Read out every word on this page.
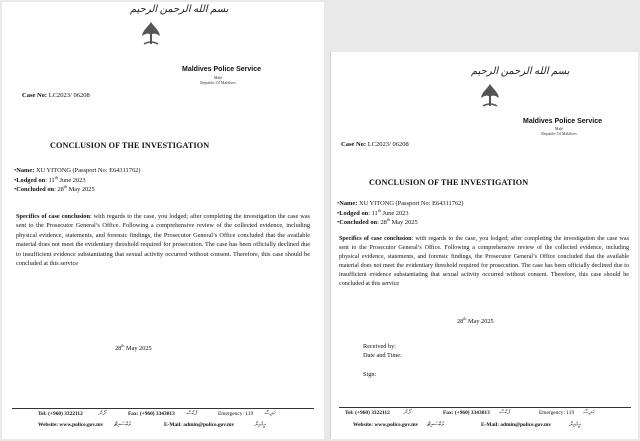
بسم الله الرحمن الرحيم
Maldives Police Service
Malé
Republic Of Maldives
Case No: LC2023/ 06208
CONCLUSION OF THE INVESTIGATION
•Name: XU YITONG (Passport No: E64311762)
•Lodged on: 11th June 2023
•Concluded on: 28th May 2025
Specifics of case conclusion: with regards to the case, you lodged; after completing the investigation the case was sent to the Prosecutor General’s Office. Following a comprehensive review of the collected evidence, including physical evidence, statements, and forensic findings, the Prosecutor General’s Office concluded that the available material does not meet the evidentiary threshold required for prosecution. The case has been officially declined due to insufficient evidence substantiating that sexual activity occurred without consent. Therefore, this case should be concluded at this service
28th May 2025
Tel: (+960) 3322112	ފޯނު	Fax: (+960) 3343013 ފެކްސް	Emergency: 119 ހަދިސާ
Website: www.police.gov.mv ވެބްސައިޓް	E-Mail: admin@police.gov.mv	އީމެއިލް
بسم الله الرحمن الرحيم
Maldives Police Service
Malé
Republic Of Maldives
Case No: LC2023/ 06208
CONCLUSION OF THE INVESTIGATION
•Name: XU YITONG (Passport No: E64311762)
•Lodged on: 11th June 2023
•Concluded on: 28th May 2025
Specifics of case conclusion: with regards to the case, you lodged; after completing the investigation the case was sent to the Prosecutor General’s Office. Following a comprehensive review of the collected evidence, including physical evidence, statements, and forensic findings, the Prosecutor General’s Office concluded that the available material does not meet the evidentiary threshold required for prosecution. The case has been officially declined due to insufficient evidence substantiating that sexual activity occurred without consent. Therefore, this case should be concluded at this service
28th May 2025
Received by:
Date and Time:
Sign:
Tel: (+960) 3322112 ފޯނު	Fax: (+960) 3343013 ފެކްސް	Emergency: 119 ހަދިސާ
Website: www.police.gov.mv ވެބްސައިޓް	E-Mail: admin@police.gov.mv	އީމެއިލް
